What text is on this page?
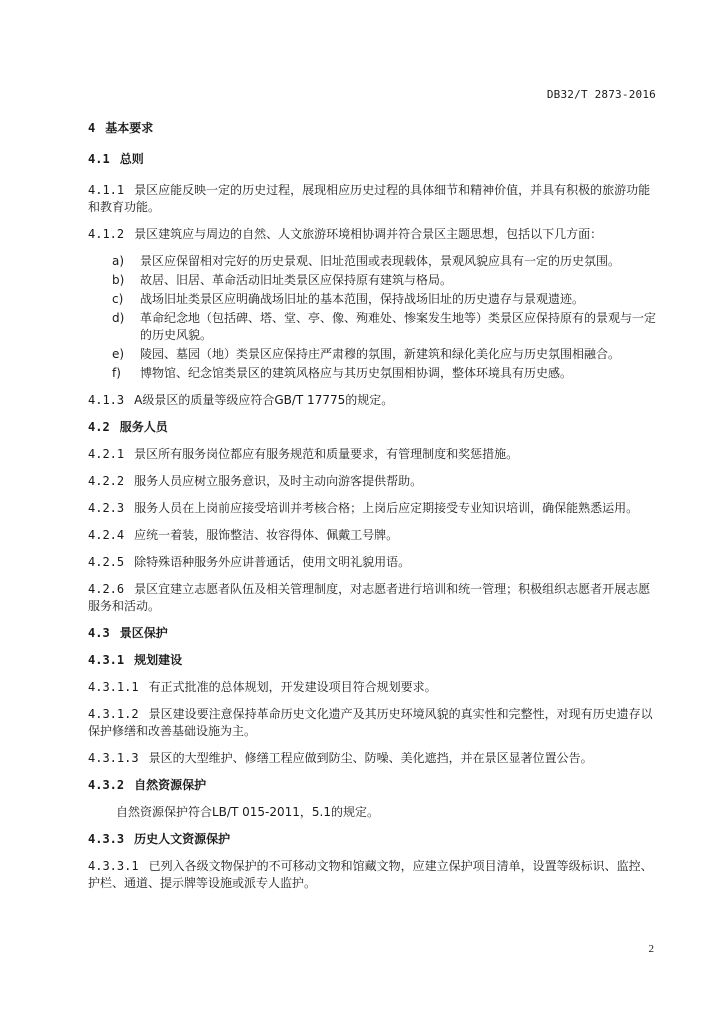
DB32/T 2873-2016

4 基本要求

4.1 总则

4.1.1 景区应能反映一定的历史过程，展现相应历史过程的具体细节和精神价值，并具有积极的旅游功能和教育功能。

4.1.2 景区建筑应与周边的自然、人文旅游环境相协调并符合景区主题思想，包括以下几方面：

a)	景区应保留相对完好的历史景观、旧址范围或表现载体，景观风貌应具有一定的历史氛围。
b)	故居、旧居、革命活动旧址类景区应保持原有建筑与格局。
c)	战场旧址类景区应明确战场旧址的基本范围，保持战场旧址的历史遗存与景观遗迹。
d)	革命纪念地（包括碑、塔、堂、亭、像、殉难处、惨案发生地等）类景区应保持原有的景观与一定的历史风貌。
e)	陵园、墓园（地）类景区应保持庄严肃穆的氛围，新建筑和绿化美化应与历史氛围相融合。
f)	博物馆、纪念馆类景区的建筑风格应与其历史氛围相协调，整体环境具有历史感。

4.1.3 A级景区的质量等级应符合GB/T 17775的规定。

4.2 服务人员

4.2.1 景区所有服务岗位都应有服务规范和质量要求，有管理制度和奖惩措施。

4.2.2 服务人员应树立服务意识，及时主动向游客提供帮助。

4.2.3 服务人员在上岗前应接受培训并考核合格；上岗后应定期接受专业知识培训，确保能熟悉运用。

4.2.4 应统一着装，服饰整洁、妆容得体、佩戴工号牌。

4.2.5 除特殊语种服务外应讲普通话，使用文明礼貌用语。

4.2.6 景区宜建立志愿者队伍及相关管理制度，对志愿者进行培训和统一管理；积极组织志愿者开展志愿服务和活动。

4.3 景区保护

4.3.1 规划建设

4.3.1.1 有正式批准的总体规划，开发建设项目符合规划要求。

4.3.1.2 景区建设要注意保持革命历史文化遗产及其历史环境风貌的真实性和完整性，对现有历史遗存以保护修缮和改善基础设施为主。

4.3.1.3 景区的大型维护、修缮工程应做到防尘、防噪、美化遮挡，并在景区显著位置公告。

4.3.2 自然资源保护

自然资源保护符合LB/T 015-2011，5.1的规定。

4.3.3 历史人文资源保护

4.3.3.1 已列入各级文物保护的不可移动文物和馆藏文物，应建立保护项目清单，设置等级标识、监控、护栏、通道、提示牌等设施或派专人监护。

2
